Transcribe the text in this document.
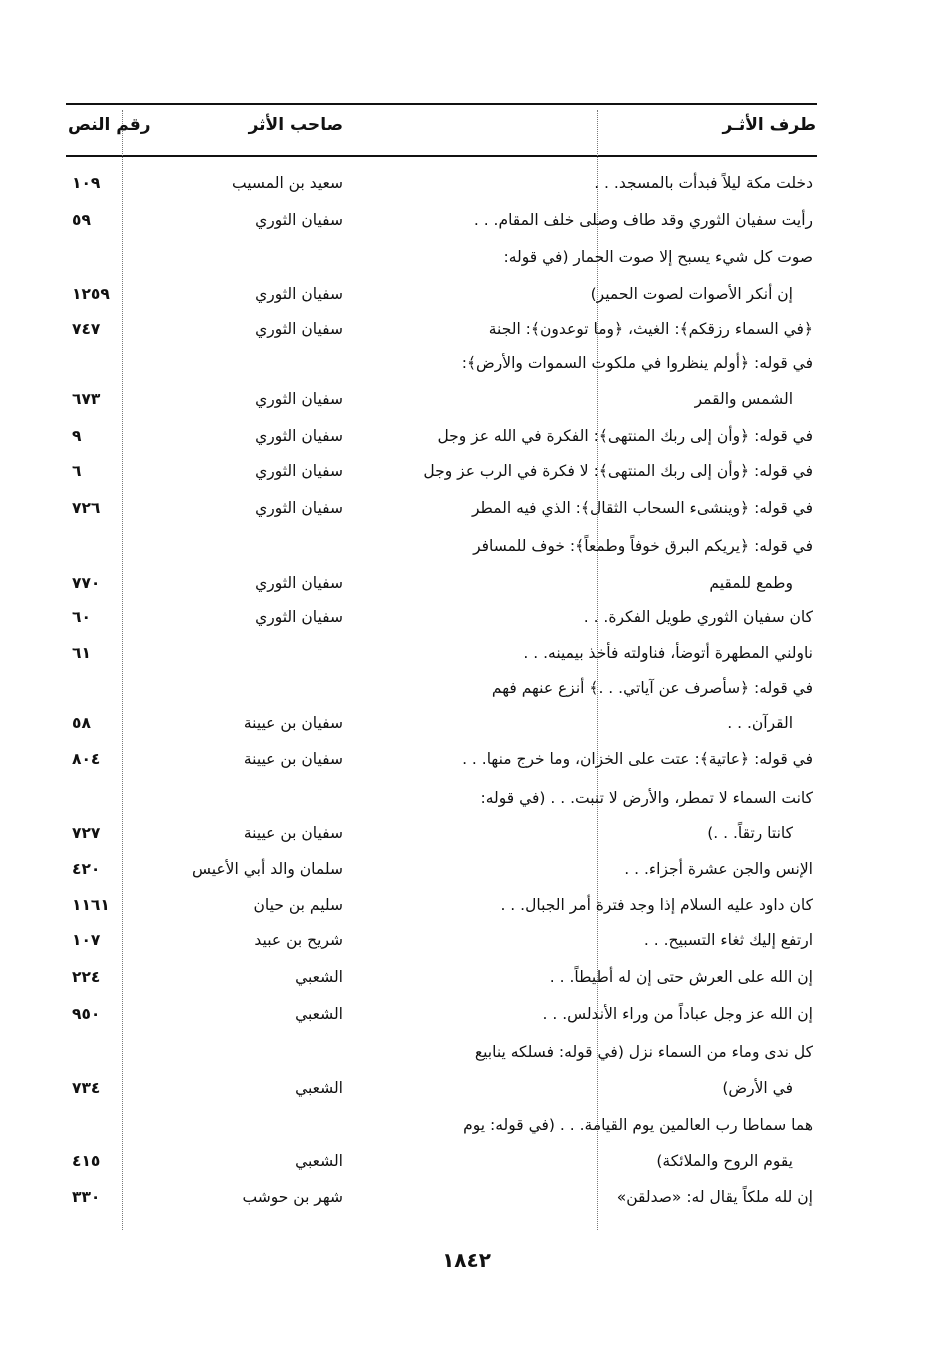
طرف الأثـر
صاحب الأثر
رقم النص
دخلت مكة ليلاً فبدأت بالمسجد. . .
سعيد بن المسيب
١٠٩
رأيت سفيان الثوري وقد طاف وصلى خلف المقام. . .
سفيان الثوري
٥٩
صوت كل شيء يسبح إلا صوت الحمار (في قوله:
إن أنكر الأصوات لصوت الحمير)
سفيان الثوري
١٢٥٩
﴿في السماء رزقكم﴾: الغيث، ﴿وما توعدون﴾: الجنة
سفيان الثوري
٧٤٧
في قوله: ﴿أولم ينظروا في ملكوت السموات والأرض﴾:
الشمس والقمر
سفيان الثوري
٦٧٣
في قوله: ﴿وأن إلى ربك المنتهى﴾: الفكرة في الله عز وجل
سفيان الثوري
٩
في قوله: ﴿وأن إلى ربك المنتهى﴾: لا فكرة في الرب عز وجل
سفيان الثوري
٦
في قوله: ﴿وينشىء السحاب الثقال﴾: الذي فيه المطر
سفيان الثوري
٧٢٦
في قوله: ﴿يريكم البرق خوفاً وطمعاً﴾: خوف للمسافر
وطمع للمقيم
سفيان الثوري
٧٧٠
كان سفيان الثوري طويل الفكرة. . .
سفيان الثوري
٦٠
ناولني المطهرة أتوضأ، فناولته فأخذ بيمينه. . .
٦١
في قوله: ﴿سأصرف عن آياتي. . .﴾ أنزع عنهم فهم
القرآن. . .
سفيان بن عيينة
٥٨
في قوله: ﴿عاتية﴾: عتت على الخزان، وما خرج منها. . .
سفيان بن عيينة
٨٠٤
كانت السماء لا تمطر، والأرض لا تنبت. . . (في قوله:
كانتا رتقاً. . .)
سفيان بن عيينة
٧٢٧
الإنس والجن عشرة أجزاء. . .
سلمان والد أبي الأعيس
٤٢٠
كان داود عليه السلام إذا وجد فترة أمر الجبال. . .
سليم بن حيان
١١٦١
ارتفع إليك ثغاء التسبيح. . .
شريح بن عبيد
١٠٧
إن الله على العرش حتى إن له أطيطاً. . .
الشعبي
٢٢٤
إن الله عز وجل عباداً من وراء الأندلس. . .
الشعبي
٩٥٠
كل ندى وماء من السماء نزل (في قوله: فسلكه ينابيع
في الأرض)
الشعبي
٧٣٤
هما سماطا رب العالمين يوم القيامة. . . (في قوله: يوم
يقوم الروح والملائكة)
الشعبي
٤١٥
إن لله ملكاً يقال له: «صدلقن»
شهر بن حوشب
٣٣٠
١٨٤٢
